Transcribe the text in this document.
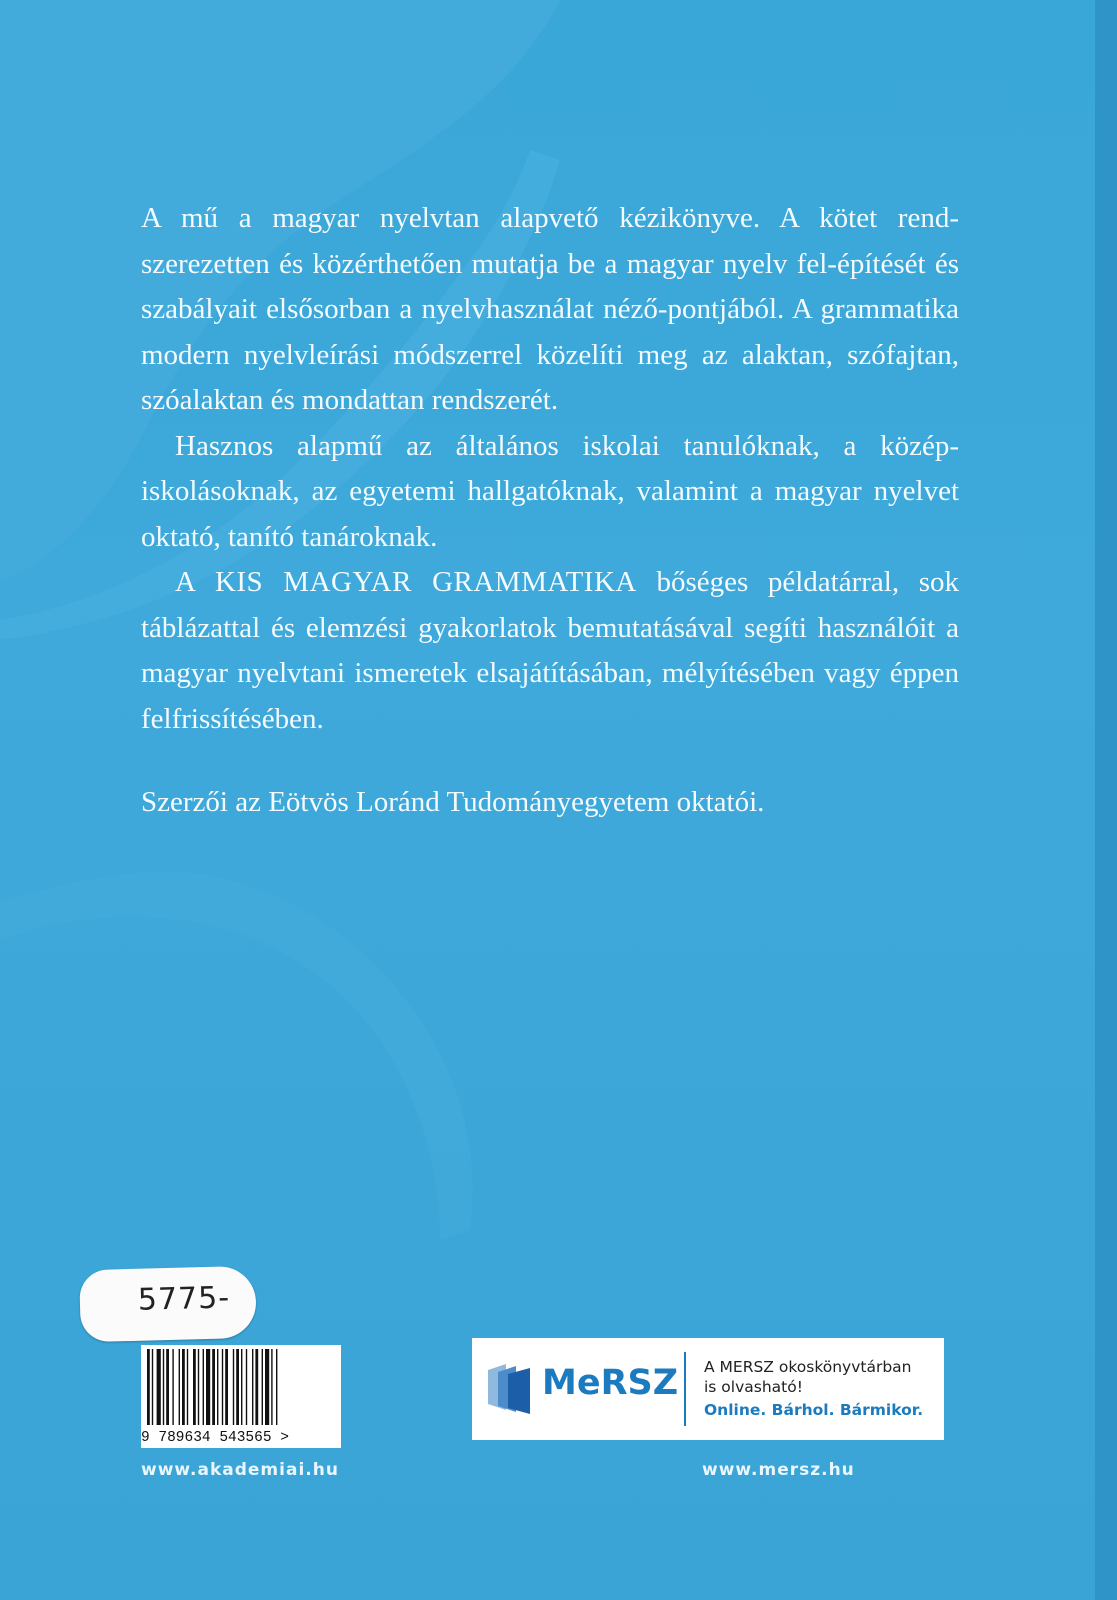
A mű a magyar nyelvtan alapvető kézikönyve. A kötet rend-szerezetten és közérthetően mutatja be a magyar nyelv fel-építését és szabályait elsősorban a nyelvhasználat néző-pontjából. A grammatika modern nyelvleírási módszerrel közelíti meg az alaktan, szófajtan, szóalaktan és mondattan rendszerét.

Hasznos alapmű az általános iskolai tanulóknak, a közép-iskolásoknak, az egyetemi hallgatóknak, valamint a magyar nyelvet oktató, tanító tanároknak.

A KIS MAGYAR GRAMMATIKA bőséges példatárral, sok táblázattal és elemzési gyakorlatok bemutatásával segíti használóit a magyar nyelvtani ismeretek elsajátításában, mélyítésében vagy éppen felfrissítésében.

Szerzői az Eötvös Loránd Tudományegyetem oktatói.

5775-
9 789634 543565 >
www.akademiai.hu
MeRSZ A MERSZ okoskönyvtárban
is olvasható!
Online. Bárhol. Bármikor.
www.mersz.hu
